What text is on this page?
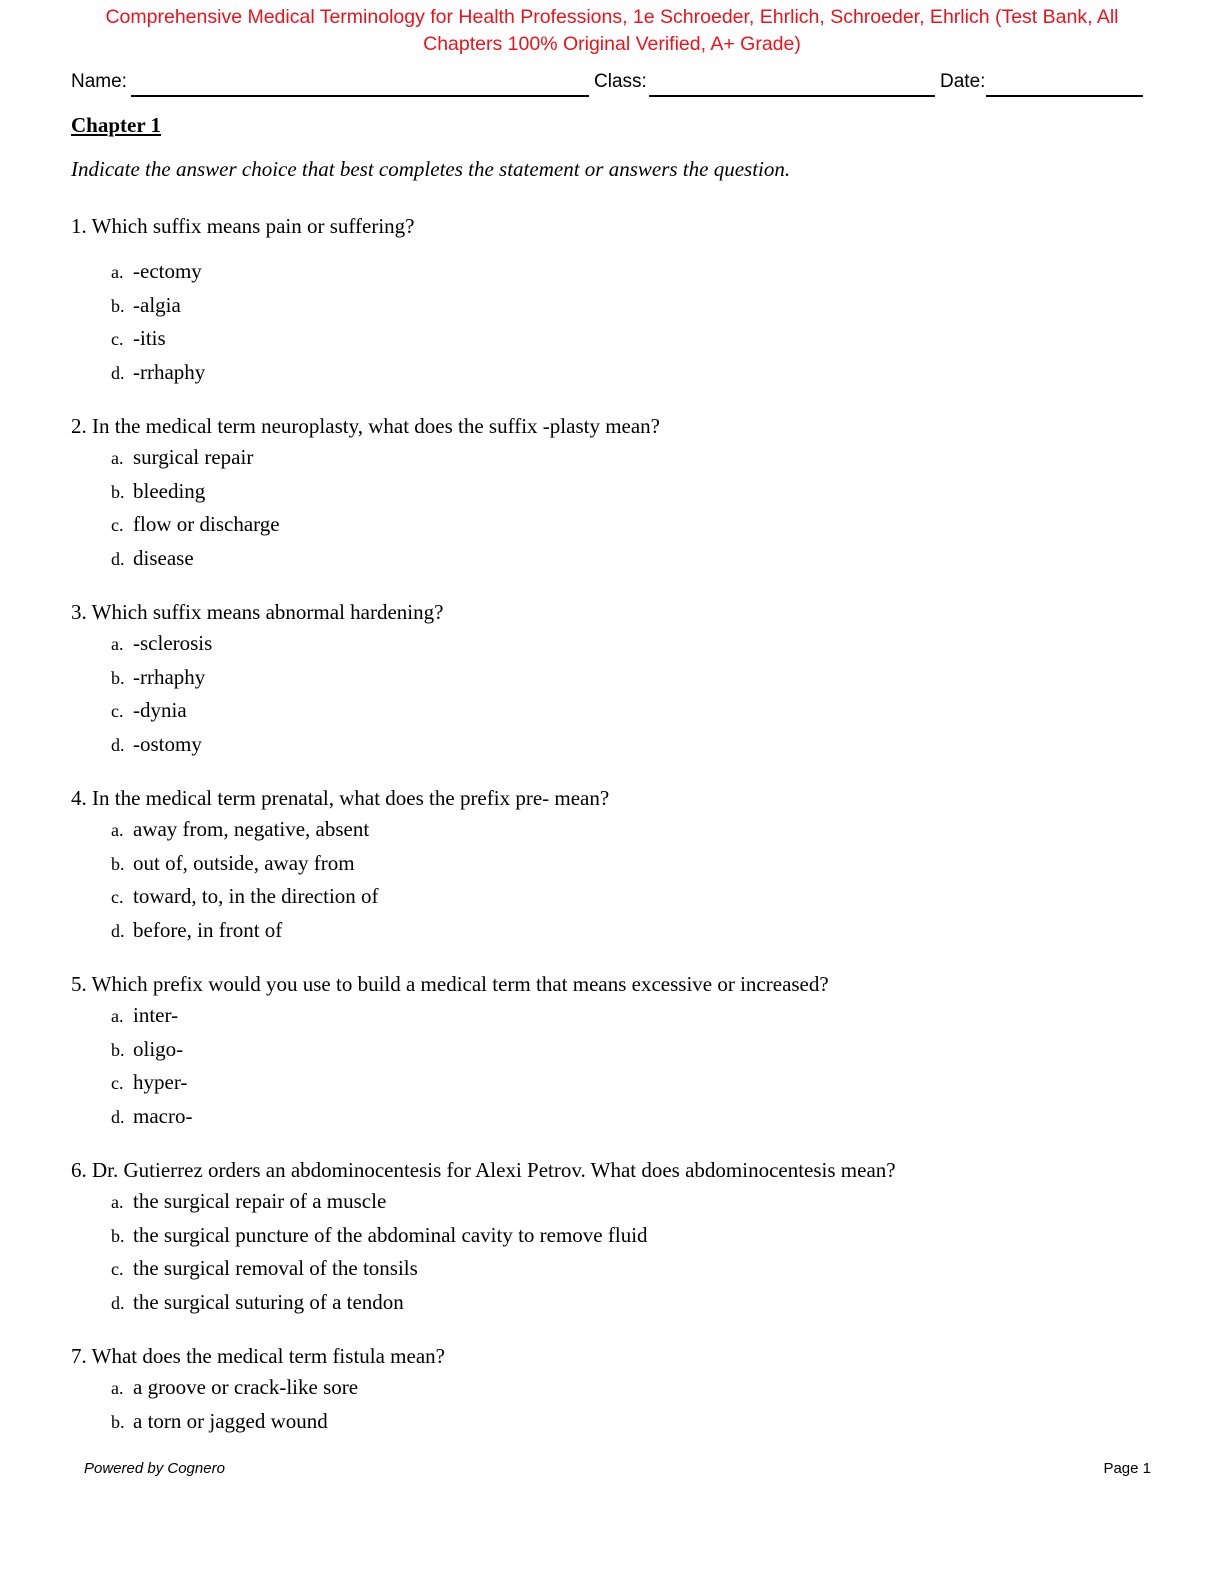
Comprehensive Medical Terminology for Health Professions, 1e Schroeder, Ehrlich, Schroeder, Ehrlich (Test Bank, All
Chapters 100% Original Verified, A+ Grade)
Name:	Class:	Date:
Chapter 1
Indicate the answer choice that best completes the statement or answers the question.
1. Which suffix means pain or suffering?
a. -ectomy
b. -algia
c. -itis
d. -rrhaphy
2. In the medical term neuroplasty, what does the suffix -plasty mean?
a. surgical repair
b. bleeding
c. flow or discharge
d. disease
3. Which suffix means abnormal hardening?
a. -sclerosis
b. -rrhaphy
c. -dynia
d. -ostomy
4. In the medical term prenatal, what does the prefix pre- mean?
a. away from, negative, absent
b. out of, outside, away from
c. toward, to, in the direction of
d. before, in front of
5. Which prefix would you use to build a medical term that means excessive or increased?
a. inter-
b. oligo-
c. hyper-
d. macro-
6. Dr. Gutierrez orders an abdominocentesis for Alexi Petrov. What does abdominocentesis mean?
a. the surgical repair of a muscle
b. the surgical puncture of the abdominal cavity to remove fluid
c. the surgical removal of the tonsils
d. the surgical suturing of a tendon
7. What does the medical term fistula mean?
a. a groove or crack-like sore
b. a torn or jagged wound
Powered by Cognero	Page 1
